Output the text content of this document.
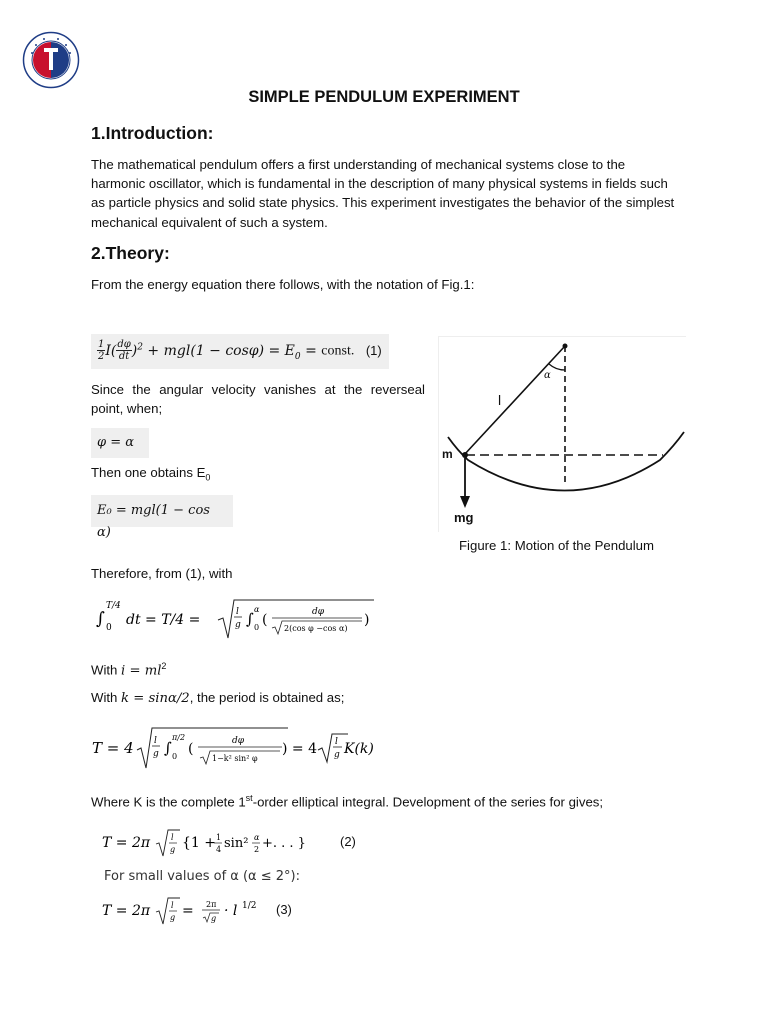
SIMPLE PENDULUM EXPERIMENT
1.Introduction:
The mathematical pendulum offers a first understanding of mechanical systems close to the harmonic oscillator, which is fundamental in the description of many physical systems in fields such as particle physics and solid state physics. This experiment investigates the behavior of the simplest mechanical equivalent of such a system.
2.Theory:
From the energy equation there follows, with the notation of Fig.1:
$\frac{1}{2} I( \frac{d\varphi}{dt} )^2 + mgl(1 - \cos\varphi) = E_0$ = const. (1)
l
α
m
mg
Figure 1: Motion of the Pendulum
Since the angular velocity vanishes at the reverseal
point, when;
φ = α
Then one obtains $E_0$
E₀ = mgl(1 − cos α)
Therefore, from (1), with
∫
T/4
0 dt = T/4 =	l
g ∫
α
0 (	dφ
2(cos φ −cos α)
)
With $i = ml^2$
With k = sinα/2, the period is obtained as;
T = 4 l
g ∫
π/2
0 (	dφ
1−k² sin² φ
) = 4 l
g K(k)
Where K is the complete 1st-order elliptical integral. Development of the series for gives;
T = 2π	l
g {1 + 1
4 sin² α
2 +. . . }	(2)
For small values of α (α ≤ 2°):
T = 2π	l
g = 2π
g · l 1/2 (3)
